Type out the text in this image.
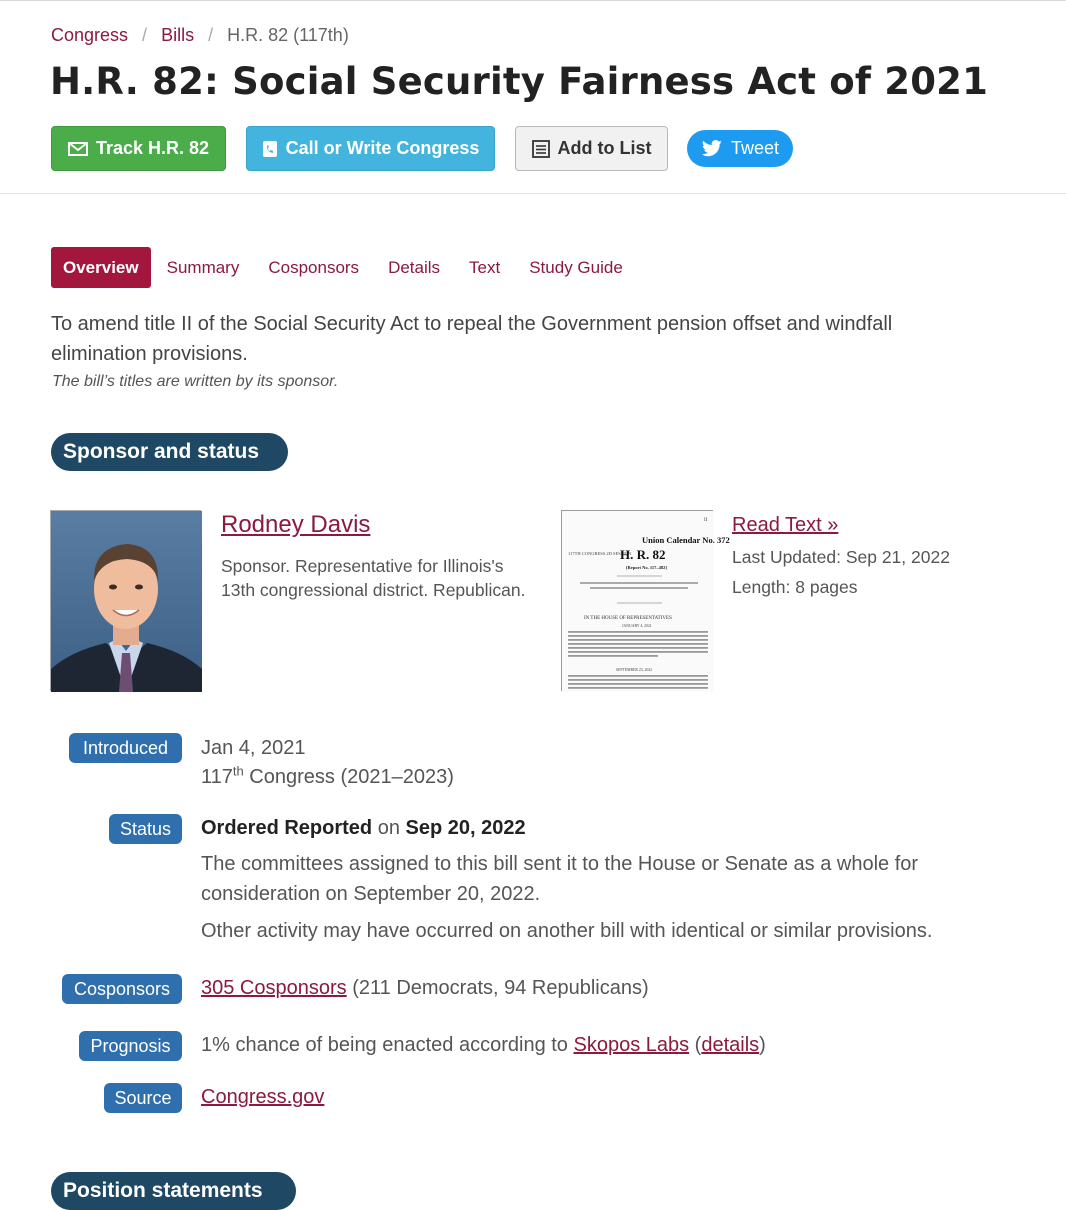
Congress / Bills / H.R. 82 (117th)
H.R. 82: Social Security Fairness Act of 2021
Track H.R. 82	Call or Write Congress	Add to List	Tweet
Overview	Summary Cosponsors Details Text Study Guide

To amend title II of the Social Security Act to repeal the Government pension offset and windfall elimination provisions.

The bill’s titles are written by its sponsor.

Sponsor and status
Rodney Davis

Sponsor. Representative for Illinois's 13th congressional district. Republican.

II
Union Calendar No. 372
117TH CONGRESS 2D SESSION
H. R. 82
[Report No. 117–482]
IN THE HOUSE OF REPRESENTATIVES
JANUARY 4, 2021
SEPTEMBER 23, 2022
Read Text »
Last Updated: Sep 21, 2022
Length: 8 pages
Introduced	Jan 4, 2021
117th Congress (2021–2023)
Status	Ordered Reported on Sep 20, 2022
The committees assigned to this bill sent it to the House or Senate as a whole for consideration on September 20, 2022.
Other activity may have occurred on another bill with identical or similar provisions.
Cosponsors	305 Cosponsors (211 Democrats, 94 Republicans)
Prognosis	1% chance of being enacted according to Skopos Labs (details)
Source	Congress.gov
Position statements
